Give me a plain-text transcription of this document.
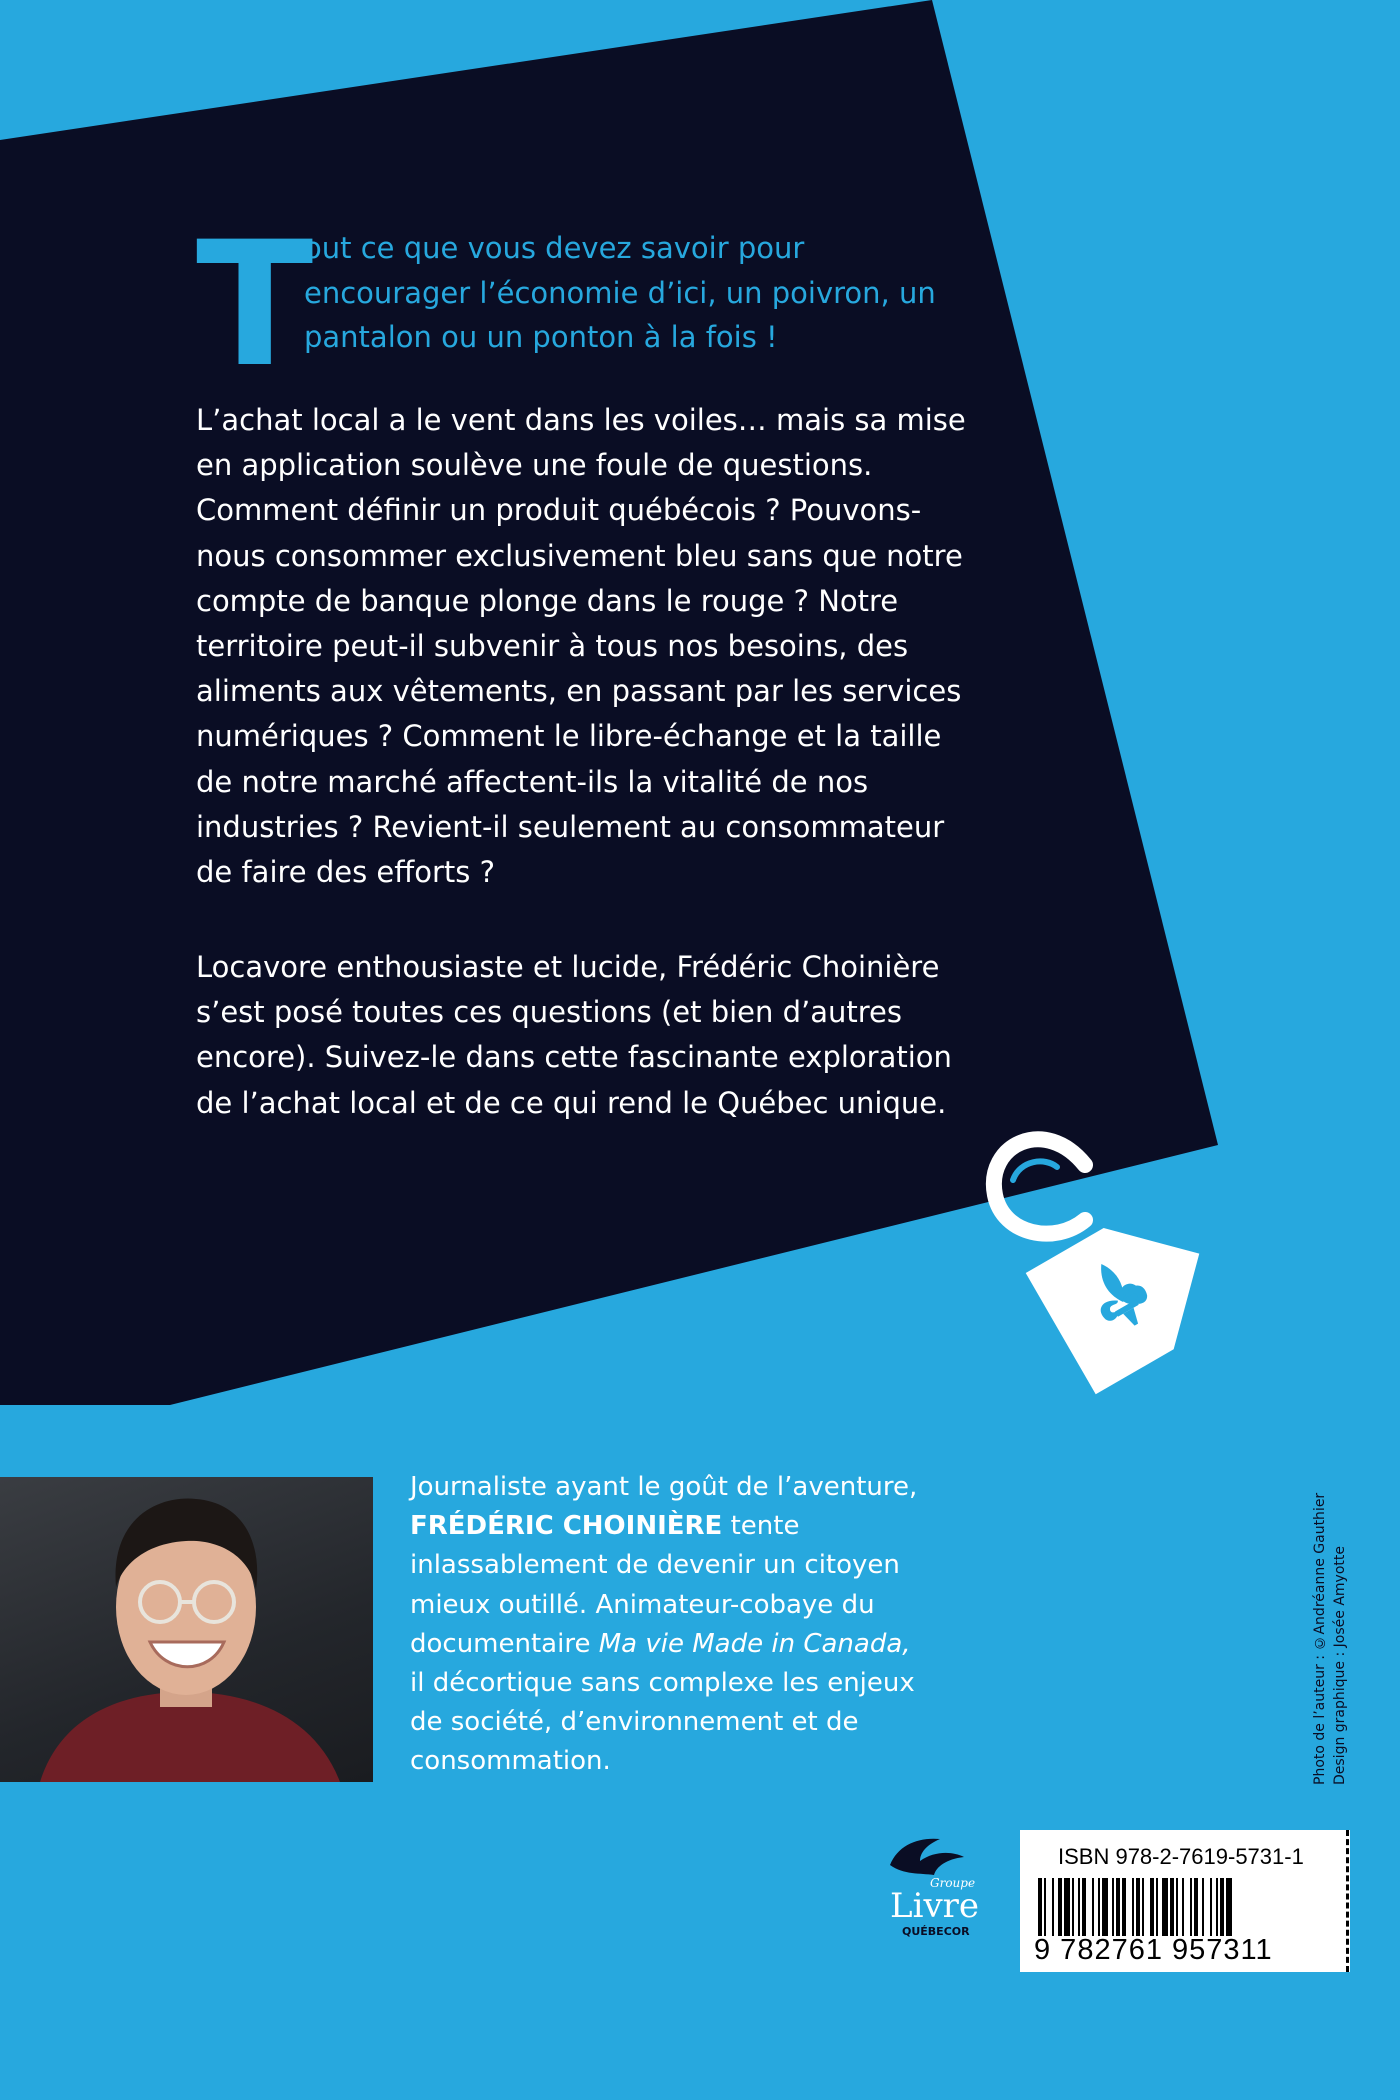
T

out ce que vous devez savoir pour encourager l’économie d’ici, un poivron, un pantalon ou un ponton à la fois !

L’achat local a le vent dans les voiles… mais sa mise en application soulève une foule de questions. Comment définir un produit québécois ? Pouvons-nous consommer exclusivement bleu sans que notre compte de banque plonge dans le rouge ? Notre territoire peut-il subvenir à tous nos besoins, des aliments aux vêtements, en passant par les services numériques ? Comment le libre-échange et la taille de notre marché affectent-ils la vitalité de nos industries ? Revient-il seulement au consommateur de faire des efforts ?

Locavore enthousiaste et lucide, Frédéric Choinière s’est posé toutes ces questions (et bien d’autres encore). Suivez-le dans cette fascinante exploration de l’achat local et de ce qui rend le Québec unique.

Journaliste ayant le goût de l’aventure, FRÉDÉRIC CHOINIÈRE tente inlassablement de devenir un citoyen mieux outillé. Animateur-cobaye du documentaire Ma vie Made in Canada, il décortique sans complexe les enjeux de société, d’environnement et de consommation.	Photo de l’auteur : ©Andréanne Gauthier Design graphique : Josée Amyotte
Groupe
Livre
QUÉBECOR
ISBN 978-2-7619-5731-1
9 782761 957311
